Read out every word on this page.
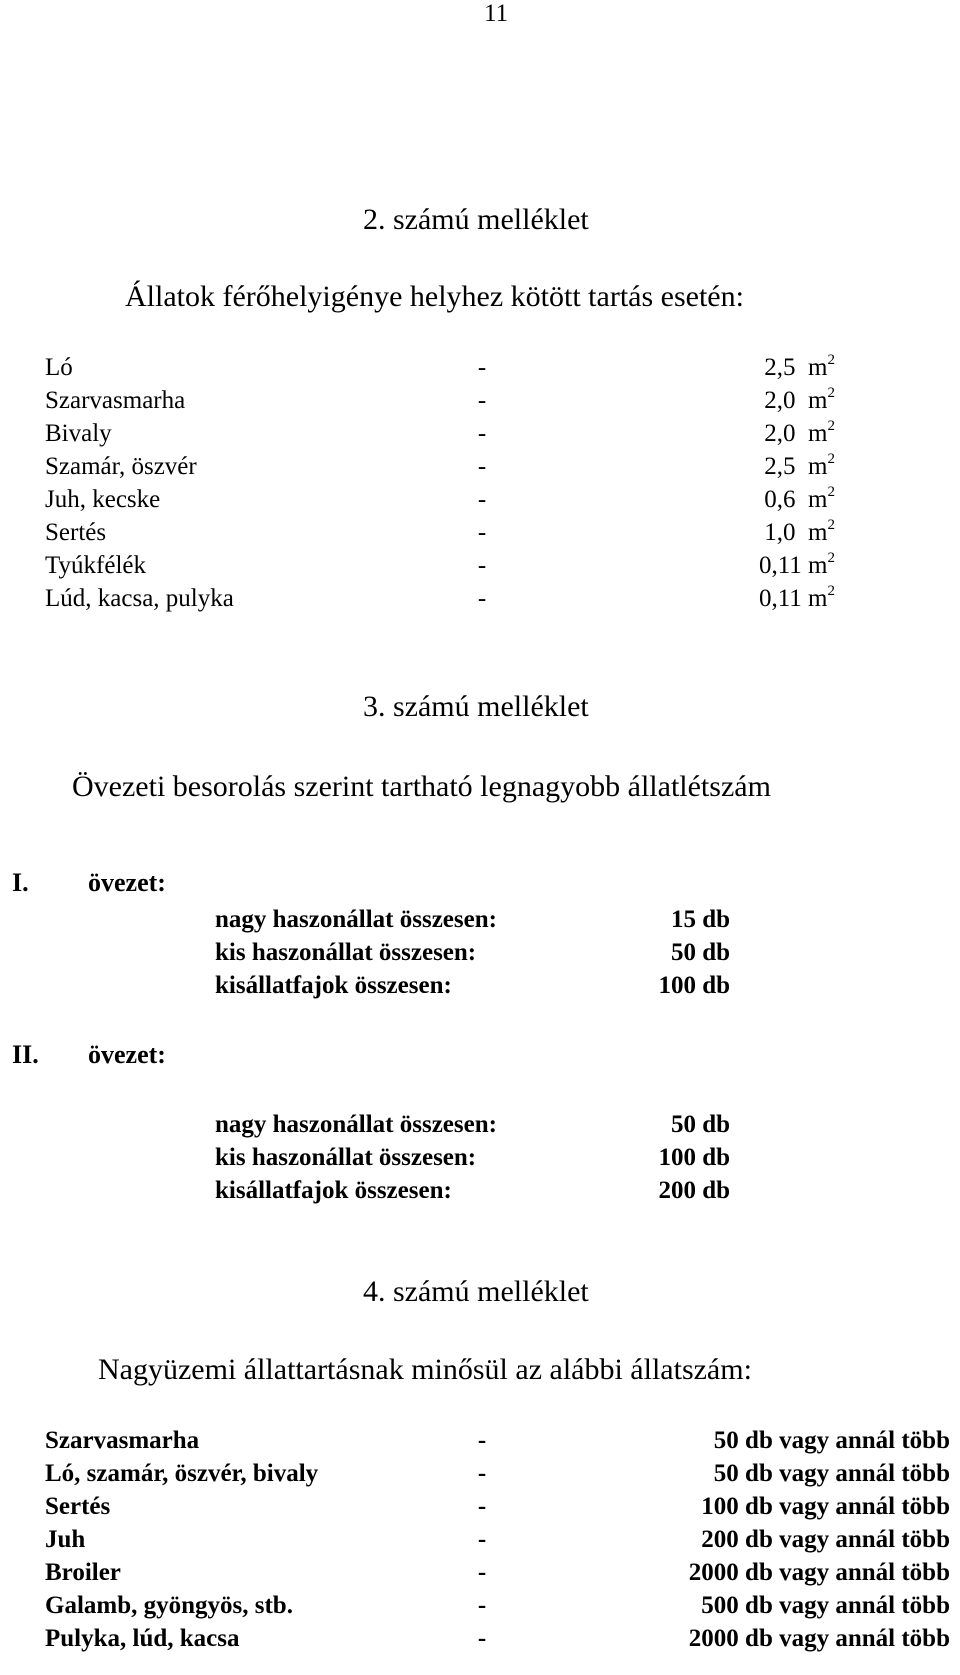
11
2. számú melléklet
Állatok férőhelyigénye helyhez kötött tartás esetén:
Ló	-	2,5 $m^2$
Szarvasmarha	-	2,0 $m^2$
Bivaly	-	2,0 $m^2$
Szamár, öszvér	-	2,5 $m^2$
Juh, kecske	-	0,6 $m^2$
Sertés	-	1,0 $m^2$
Tyúkfélék	-	0,11 $m^2$
Lúd, kacsa, pulyka	-	0,11 $m^2$
3. számú melléklet
Övezeti besorolás szerint tartható legnagyobb állatlétszám
I. övezet:
nagy haszonállat összesen:	15 db
kis haszonállat összesen:	50 db
kisállatfajok összesen:	100 db
II. övezet:
nagy haszonállat összesen:	50 db
kis haszonállat összesen:	100 db
kisállatfajok összesen:	200 db
4. számú melléklet
Nagyüzemi állattartásnak minősül az alábbi állatszám:
Szarvasmarha	-	50 db vagy annál több
Ló, szamár, öszvér, bivaly	-	50 db vagy annál több
Sertés	-	100 db vagy annál több
Juh	-	200 db vagy annál több
Broiler	-	2000 db vagy annál több
Galamb, gyöngyös, stb.	-	500 db vagy annál több
Pulyka, lúd, kacsa	-	2000 db vagy annál több
